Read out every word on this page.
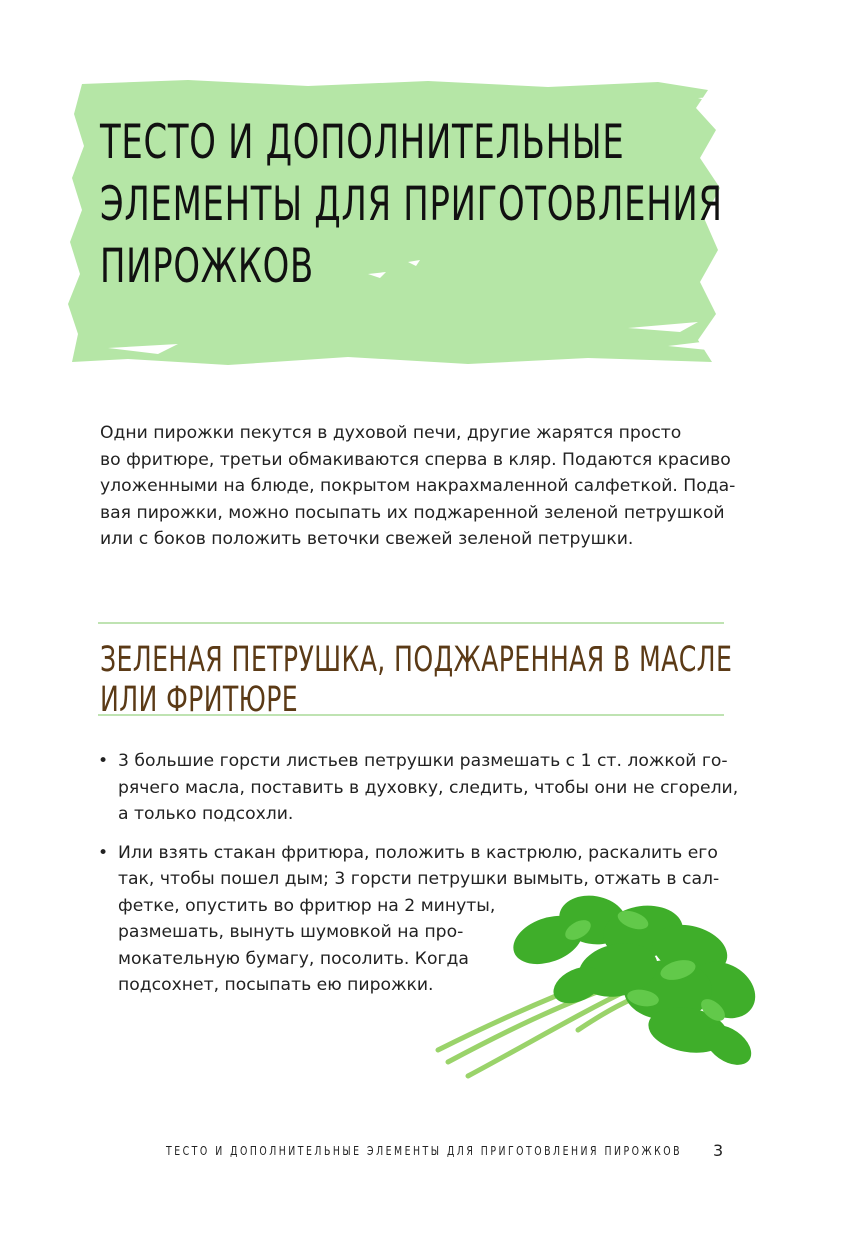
ТЕСТО И ДОПОЛНИТЕЛЬНЫЕ
ЭЛЕМЕНТЫ ДЛЯ ПРИГОТОВЛЕНИЯ
ПИРОЖКОВ

Одни пирожки пекутся в духовой печи, другие жарятся просто
во фритюре, третьи обмакиваются сперва в кляр. Подаются красиво
уложенными на блюде, покрытом накрахмаленной салфеткой. Пода-
вая пирожки, можно посыпать их поджаренной зеленой петрушкой
или с боков положить веточки свежей зеленой петрушки.

ЗЕЛЕНАЯ ПЕТРУШКА, ПОДЖАРЕННАЯ В МАСЛЕ
ИЛИ ФРИТЮРЕ
• 3 большие горсти листьев петрушки размешать с 1 ст. ложкой го-
рячего масла, поставить в духовку, следить, чтобы они не сгорели,
а только подсохли.
• Или взять стакан фритюра, положить в кастрюлю, раскалить его
так, чтобы пошел дым; 3 горсти петрушки вымыть, отжать в сал-
фетке, опустить во фритюр на 2 минуты,
размешать, вынуть шумовкой на про-
мокательную бумагу, посолить. Когда
подсохнет, посыпать ею пирожки.
ТЕСТО И ДОПОЛНИТЕЛЬНЫЕ ЭЛЕМЕНТЫ ДЛЯ ПРИГОТОВЛЕНИЯ ПИРОЖКОВ 3
